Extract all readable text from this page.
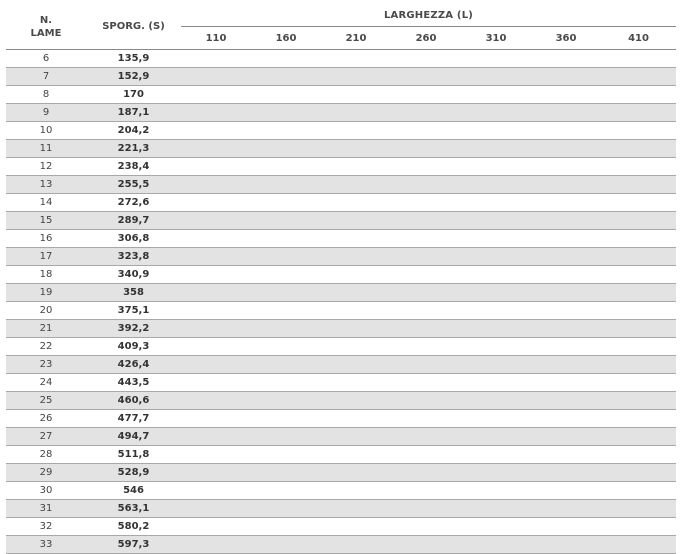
N.
LAME	SPORG. (S)	LARGHEZZA (L)						
		110	160	210	260	310	360	410
6	135,9							
7	152,9							
8	170							
9	187,1							
10	204,2							
11	221,3							
12	238,4							
13	255,5							
14	272,6							
15	289,7							
16	306,8							
17	323,8							
18	340,9							
19	358							
20	375,1							
21	392,2							
22	409,3							
23	426,4							
24	443,5							
25	460,6							
26	477,7							
27	494,7							
28	511,8							
29	528,9							
30	546							
31	563,1							
32	580,2							
33	597,3							
